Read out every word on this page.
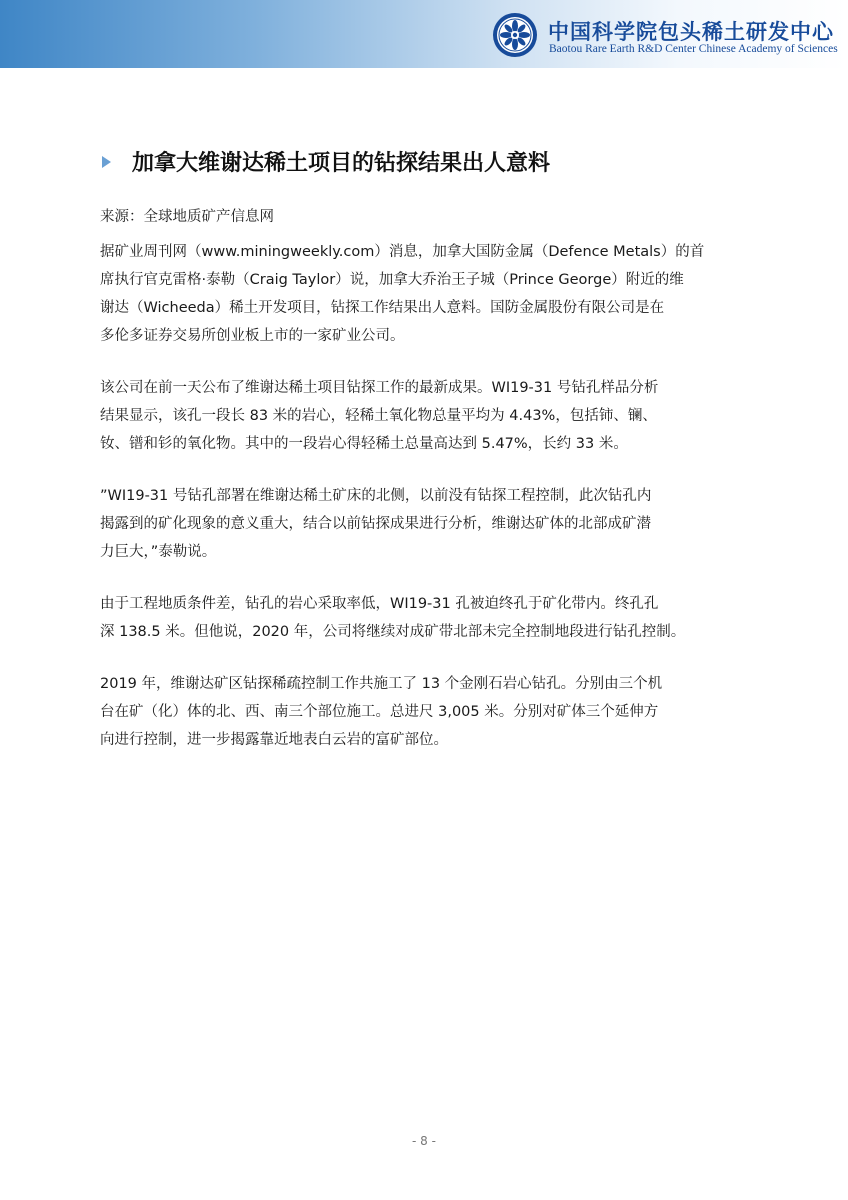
中国科学院包头稀土研发中心
Baotou Rare Earth R&D Center Chinese Academy of Sciences
加拿大维谢达稀土项目的钻探结果出人意料
来源：全球地质矿产信息网

据矿业周刊网（www.miningweekly.com）消息，加拿大国防金属（Defence Metals）的首
席执行官克雷格·泰勒（Craig Taylor）说，加拿大乔治王子城（Prince George）附近的维
谢达（Wicheeda）稀土开发项目，钻探工作结果出人意料。国防金属股份有限公司是在
多伦多证券交易所创业板上市的一家矿业公司。

该公司在前一天公布了维谢达稀土项目钻探工作的最新成果。WI19-31 号钻孔样品分析
结果显示，该孔一段长 83 米的岩心，轻稀土氧化物总量平均为 4.43%，包括铈、镧、
钕、镨和钐的氧化物。其中的一段岩心得轻稀土总量高达到 5.47%，长约 33 米。

”WI19-31 号钻孔部署在维谢达稀土矿床的北侧，以前没有钻探工程控制，此次钻孔内
揭露到的矿化现象的意义重大，结合以前钻探成果进行分析，维谢达矿体的北部成矿潜
力巨大，”泰勒说。

由于工程地质条件差，钻孔的岩心采取率低，WI19-31 孔被迫终孔于矿化带内。终孔孔
深 138.5 米。但他说，2020 年，公司将继续对成矿带北部未完全控制地段进行钻孔控制。

2019 年，维谢达矿区钻探稀疏控制工作共施工了 13 个金刚石岩心钻孔。分别由三个机
台在矿（化）体的北、西、南三个部位施工。总进尺 3,005 米。分别对矿体三个延伸方
向进行控制，进一步揭露靠近地表白云岩的富矿部位。

- 8 -
